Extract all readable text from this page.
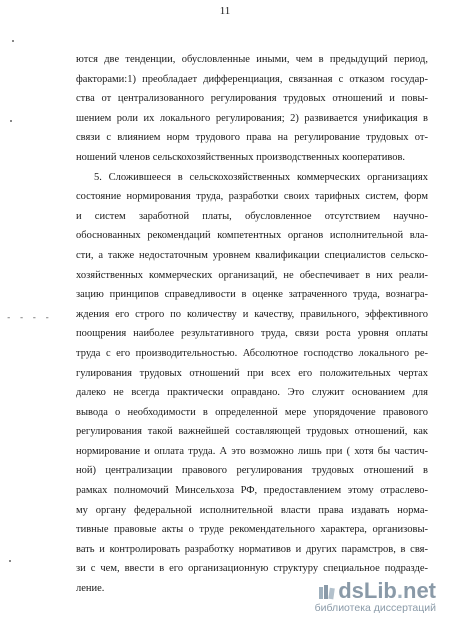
11
- - - -
ются две тенденции, обусловленные иными, чем в предыдущий период,
факторами:1) преобладает дифференциация, связанная с отказом государ-
ства от централизованного регулирования трудовых отношений и повы-
шением роли их локального регулирования; 2) развивается унификация в
связи с влиянием норм трудового права на регулирование трудовых от-
ношений членов сельскохозяйственных производственных кооперативов.
5. Сложившееся в сельскохозяйственных коммерческих организациях
состояние нормирования труда, разработки своих тарифных систем, форм
и систем заработной платы, обусловленное отсутствием научно-
обоснованных рекомендаций компетентных органов исполнительной вла-
сти, а также недостаточным уровнем квалификации специалистов сельско-
хозяйственных коммерческих организаций, не обеспечивает в них реали-
зацию принципов справедливости в оценке затраченного труда, вознагра-
ждения его строго по количеству и качеству, правильного, эффективного
поощрения наиболее результативного труда, связи роста уровня оплаты
труда с его производительностью. Абсолютное господство локального ре-
гулирования трудовых отношений при всех его положительных чертах
далеко не всегда практически оправдано. Это служит основанием для
вывода о необходимости в определенной мере упорядочение правового
регулирования такой важнейшей составляющей трудовых отношений, как
нормирование и оплата труда. А это возможно лишь при ( хотя бы частич-
ной) централизации правового регулирования трудовых отношений в
рамках полномочий Минсельхоза РФ, предоставлением этому отраслево-
му органу федеральной исполнительной власти права издавать норма-
тивные правовые акты о труде рекомендательного характера, организовы-
вать и контролировать разработку нормативов и других парамстров, в свя-
зи с чем, ввести в его организационную структуру специальное подразде-
ление.	dsLib.net
библиотека диссертаций
